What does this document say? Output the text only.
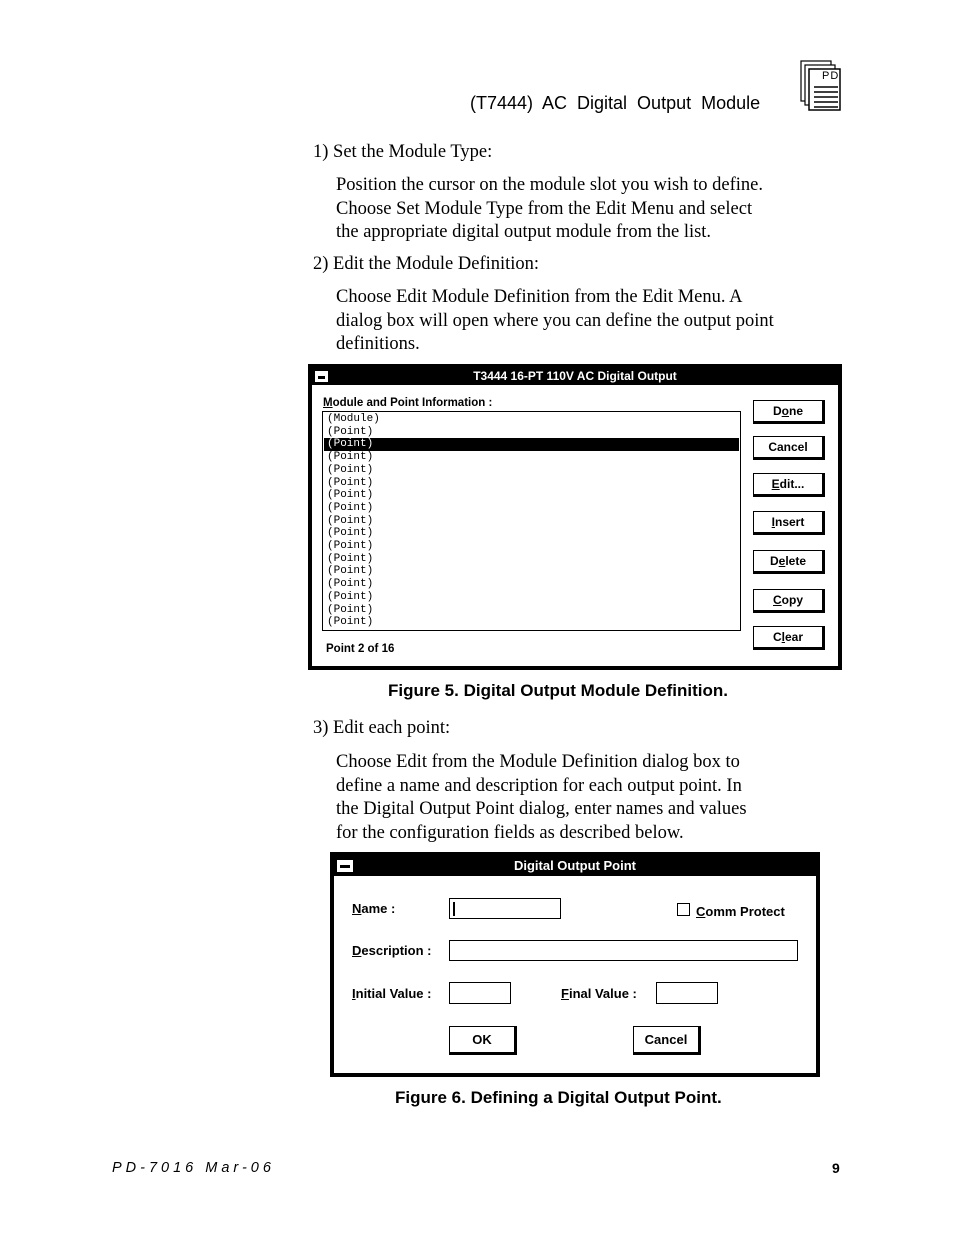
(T7444) AC Digital Output Module
PD
1) Set the Module Type:
Position the cursor on the module slot you wish to define.
Choose Set Module Type from the Edit Menu and select
the appropriate digital output module from the list.
2) Edit the Module Definition:
Choose Edit Module Definition from the Edit Menu. A
dialog box will open where you can define the output point
definitions.
T3444 16-PT 110V AC Digital Output
Module and Point Information :
(Module)
(Point)
(Point)
(Point)
(Point)
(Point)
(Point)
(Point)
(Point)
(Point)
(Point)
(Point)
(Point)
(Point)
(Point)
(Point)
(Point)
Point 2 of 16
Done
Cancel
Edit...
Insert
Delete
Copy
Clear
Figure 5. Digital Output Module Definition.
3) Edit each point:
Choose Edit from the Module Definition dialog box to
define a name and description for each output point. In
the Digital Output Point dialog, enter names and values
for the configuration fields as described below.
Digital Output Point
Name :	Comm Protect
Description :
Initial Value :	Final Value :
OK	Cancel
Figure 6. Defining a Digital Output Point.
PD-7016 Mar-06	9
